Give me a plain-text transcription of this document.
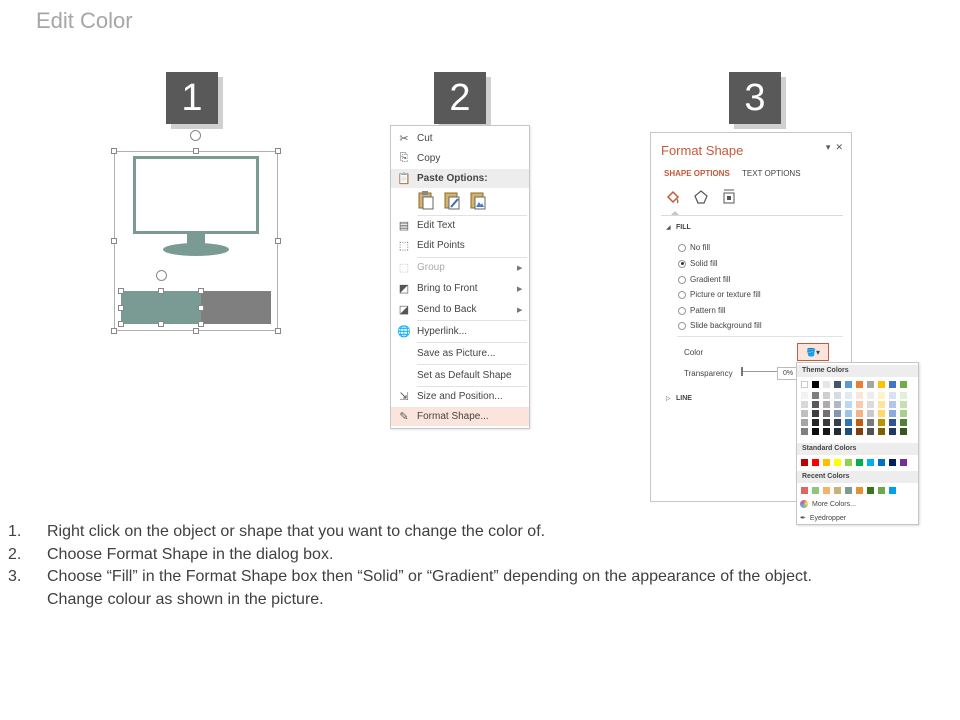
Edit Color
1	2	3
✂ Cut
⎘ Copy
📋 Paste Options:
▤ Edit Text
⬚ Edit Points
⬚ Group	▶
◩ Bring to Front	▶
◪ Send to Back	▶
🌐 Hyperlink...
Save as Picture...
Set as Default Shape
⇲ Size and Position...
✎ Format Shape...
Format Shape	▾ ✕
SHAPE OPTIONS TEXT OPTIONS
◢ FILL
No fill
Solid fill
Gradient fill
Picture or texture fill
Pattern fill
Slide background fill
Color	🪣 ▾
Transparency	0%
▷ LINE
Theme Colors
Standard Colors
Recent Colors
More Colors...
✒ Eyedropper
1.	Right click on the object or shape that you want to change the color of.
2.	Choose Format Shape in the dialog box.
3.	Choose “Fill” in the Format Shape box then “Solid” or “Gradient” depending on the appearance of the object.
Change colour as shown in the picture.
